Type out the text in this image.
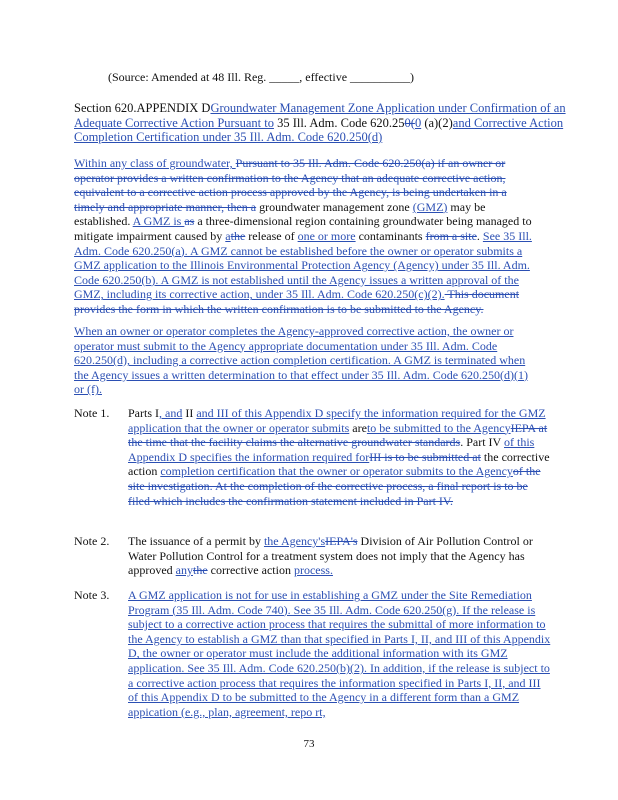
(Source: Amended at 48 Ill. Reg. _____, effective __________)
Section 620.APPENDIX DGroundwater Management Zone Application under Confirmation of an Adequate Corrective Action Pursuant to 35 Ill. Adm. Code 620.250(0 (a)(2)and Corrective Action Completion Certification under 35 Ill. Adm. Code 620.250(d)
Within any class of groundwater, Pursuant to 35 Ill. Adm. Code 620.250(a) if an owner or operator provides a written confirmation to the Agency that an adequate corrective action, equivalent to a corrective action process approved by the Agency, is being undertaken in a timely and appropriate manner, then a groundwater management zone (GMZ) may be established. A GMZ is as a three-dimensional region containing groundwater being managed to mitigate impairment caused by athe release of one or more contaminants from a site. See 35 Ill. Adm. Code 620.250(a). A GMZ cannot be established before the owner or operator submits a GMZ application to the Illinois Environmental Protection Agency (Agency) under 35 Ill. Adm. Code 620.250(b). A GMZ is not established until the Agency issues a written approval of the GMZ, including its corrective action, under 35 Ill. Adm. Code 620.250(c)(2). This document provides the form in which the written confirmation is to be submitted to the Agency.
When an owner or operator completes the Agency-approved corrective action, the owner or operator must submit to the Agency appropriate documentation under 35 Ill. Adm. Code 620.250(d), including a corrective action completion certification. A GMZ is terminated when the Agency issues a written determination to that effect under 35 Ill. Adm. Code 620.250(d)(1) or (f).
Note 1.	Parts I, and II and III of this Appendix D specify the information required for the GMZ application that the owner or operator submits areto be submitted to the AgencyIEPA at the time that the facility claims the alternative groundwater standards. Part IV of this Appendix D specifies the information required forIII is to be submitted at the corrective action completion certification that the owner or operator submits to the Agencyof the site investigation. At the completion of the corrective process, a final report is to be filed which includes the confirmation statement included in Part IV.
Note 2.	The issuance of a permit by the Agency'sIEPA's Division of Air Pollution Control or Water Pollution Control for a treatment system does not imply that the Agency has approved anythe corrective action process.
Note 3.	A GMZ application is not for use in establishing a GMZ under the Site Remediation Program (35 Ill. Adm. Code 740). See 35 Ill. Adm. Code 620.250(g). If the release is subject to a corrective action process that requires the submittal of more information to the Agency to establish a GMZ than that specified in Parts I, II, and III of this Appendix D, the owner or operator must include the additional information with its GMZ application. See 35 Ill. Adm. Code 620.250(b)(2). In addition, if the release is subject to a corrective action process that requires the information specified in Parts I, II, and III of this Appendix D to be submitted to the Agency in a different form than a GMZ appication (e.g., plan, agreement, repo rt,
73
